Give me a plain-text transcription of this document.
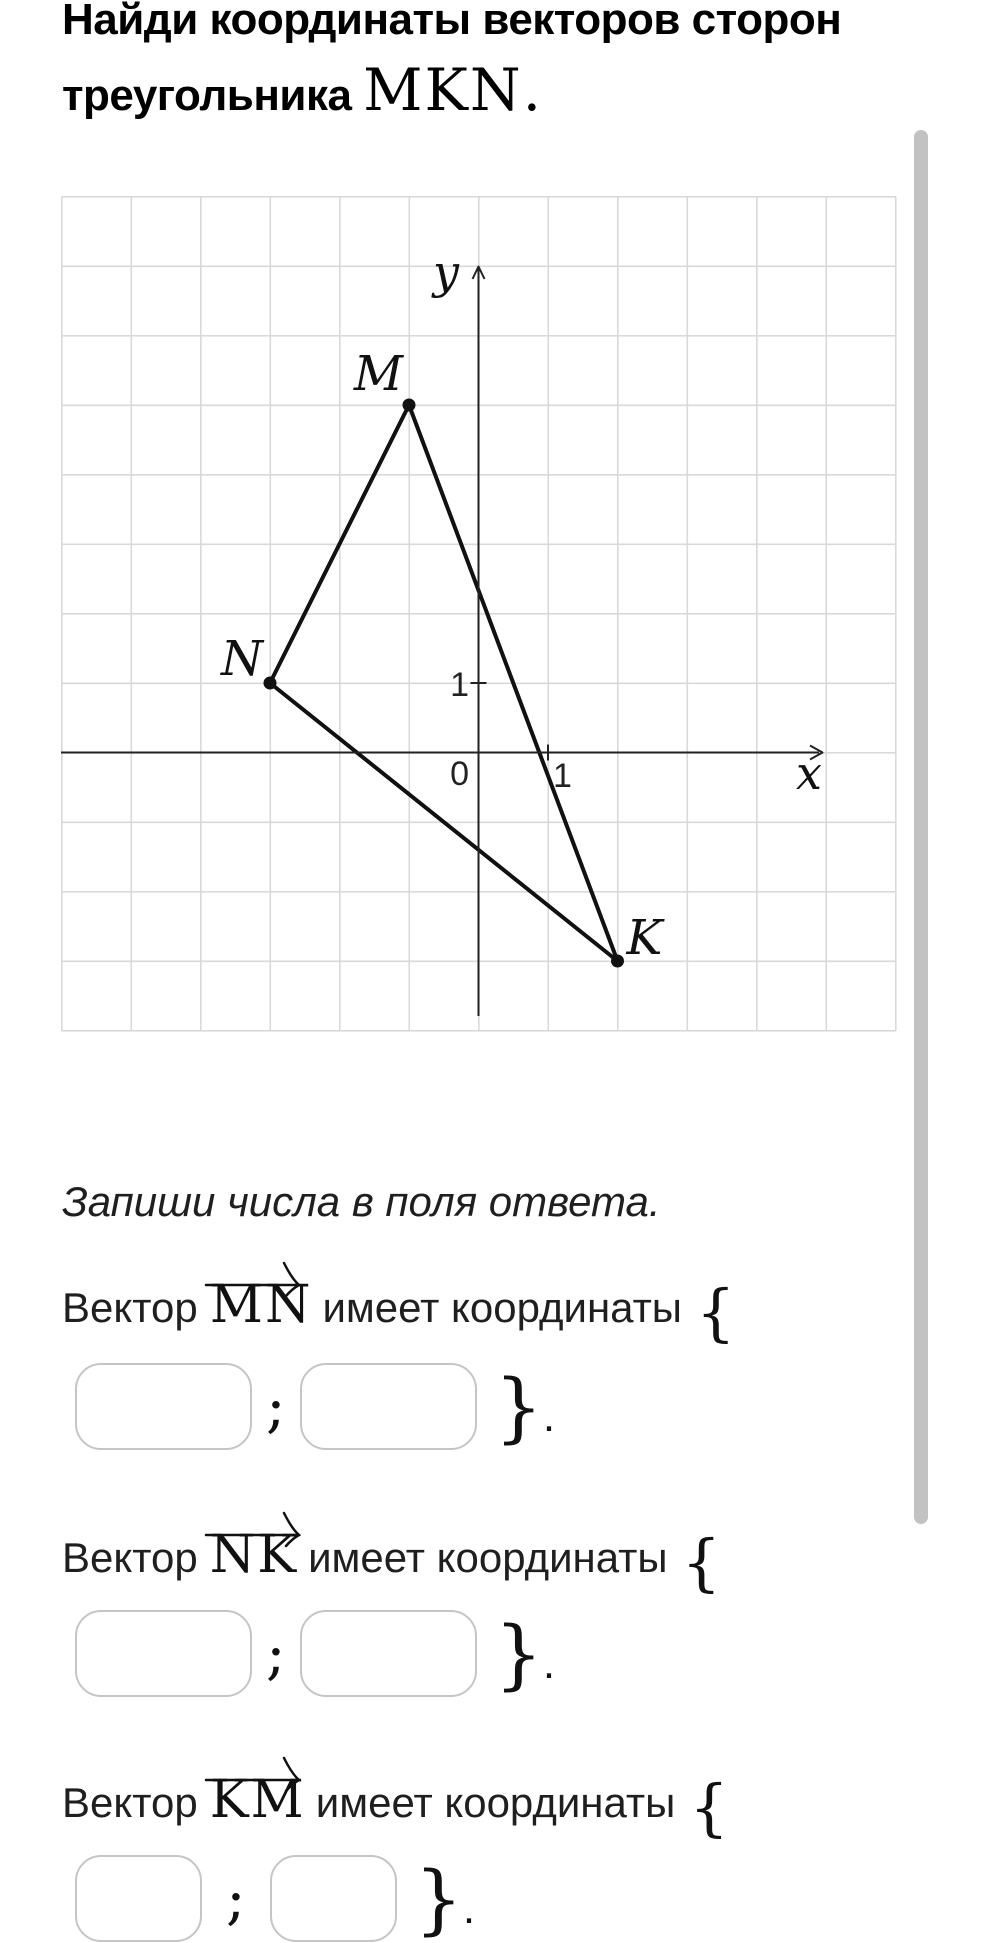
Найди координаты векторов сторон
треугольника MKN.
y
x
0
1
1
M
N
K

Запиши числа в поля ответа.

Вектор MN имеет координаты {
;	} .
Вектор NK имеет координаты {
;	} .
Вектор KM имеет координаты {
; } .
